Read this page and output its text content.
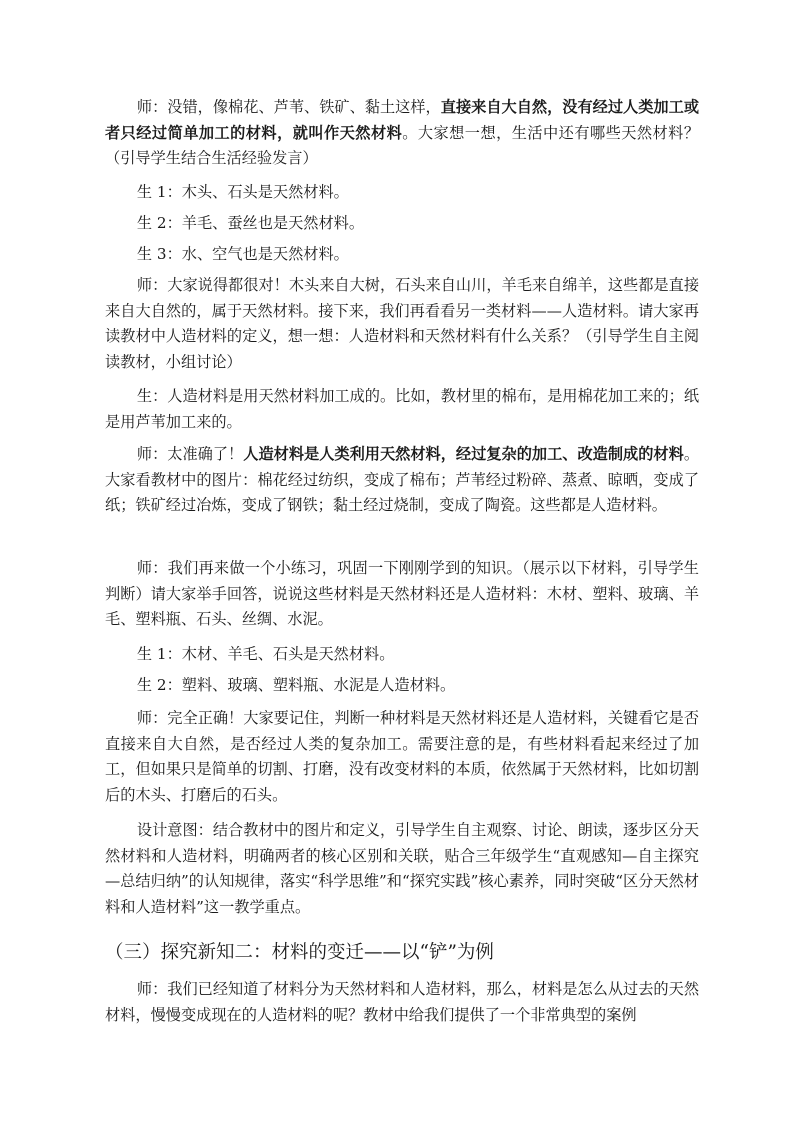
师：没错，像棉花、芦苇、铁矿、黏土这样，直接来自大自然，没有经过人类加工或者只经过简单加工的材料，就叫作天然材料。大家想一想，生活中还有哪些天然材料？（引导学生结合生活经验发言）

生 1：木头、石头是天然材料。

生 2：羊毛、蚕丝也是天然材料。

生 3：水、空气也是天然材料。

师：大家说得都很对！木头来自大树，石头来自山川，羊毛来自绵羊，这些都是直接来自大自然的，属于天然材料。接下来，我们再看看另一类材料——人造材料。请大家再读教材中人造材料的定义，想一想：人造材料和天然材料有什么关系？（引导学生自主阅读教材，小组讨论）

生：人造材料是用天然材料加工成的。比如，教材里的棉布，是用棉花加工来的；纸是用芦苇加工来的。

师：太准确了！人造材料是人类利用天然材料，经过复杂的加工、改造制成的材料。大家看教材中的图片：棉花经过纺织，变成了棉布；芦苇经过粉碎、蒸煮、晾晒，变成了纸；铁矿经过冶炼，变成了钢铁；黏土经过烧制，变成了陶瓷。这些都是人造材料。

师：我们再来做一个小练习，巩固一下刚刚学到的知识。（展示以下材料，引导学生判断）请大家举手回答，说说这些材料是天然材料还是人造材料：木材、塑料、玻璃、羊毛、塑料瓶、石头、丝绸、水泥。

生 1：木材、羊毛、石头是天然材料。

生 2：塑料、玻璃、塑料瓶、水泥是人造材料。

师：完全正确！大家要记住，判断一种材料是天然材料还是人造材料，关键看它是否直接来自大自然，是否经过人类的复杂加工。需要注意的是，有些材料看起来经过了加工，但如果只是简单的切割、打磨，没有改变材料的本质，依然属于天然材料，比如切割后的木头、打磨后的石头。

设计意图：结合教材中的图片和定义，引导学生自主观察、讨论、朗读，逐步区分天然材料和人造材料，明确两者的核心区别和关联，贴合三年级学生“直观感知—自主探究—总结归纳”的认知规律，落实“科学思维”和“探究实践”核心素养，同时突破“区分天然材料和人造材料”这一教学重点。

（三）探究新知二：材料的变迁——以“铲”为例

师：我们已经知道了材料分为天然材料和人造材料，那么，材料是怎么从过去的天然材料，慢慢变成现在的人造材料的呢？教材中给我们提供了一个非常典型的案例
